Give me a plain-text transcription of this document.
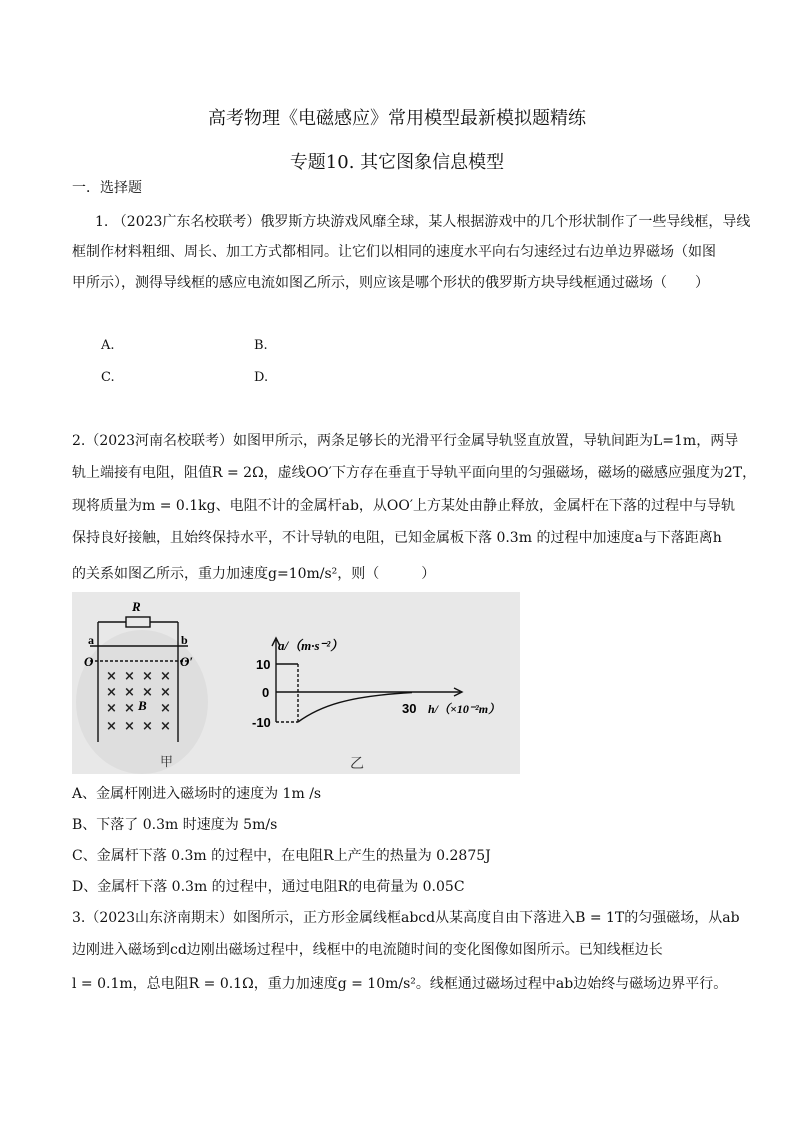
高考物理《电磁感应》常用模型最新模拟题精练
专题10. 其它图象信息模型
一．选择题
1. （2023广东名校联考）俄罗斯方块游戏风靡全球，某人根据游戏中的几个形状制作了一些导线框，导线
框制作材料粗细、周长、加工方式都相同。让它们以相同的速度水平向右匀速经过右边单边界磁场（如图
甲所示），测得导线框的感应电流如图乙所示，则应该是哪个形状的俄罗斯方块导线框通过磁场（　　）
A.	B.
C.	D.
2.（2023河南名校联考）如图甲所示，两条足够长的光滑平行金属导轨竖直放置，导轨间距为L=1m，两导
轨上端接有电阻，阻值R = 2Ω，虚线OO′下方存在垂直于导轨平面向里的匀强磁场，磁场的磁感应强度为2T，
现将质量为m = 0.1kg、电阻不计的金属杆ab，从OO′上方某处由静止释放，金属杆在下落的过程中与导轨
保持良好接触，且始终保持水平，不计导轨的电阻，已知金属板下落 0.3m 的过程中加速度a与下落距离h
的关系如图乙所示，重力加速度g=10m/s²，则（　　　）
R
a	b
O	O′
× × × ×
× × × ×
× × ×
× × × ×
B
甲
a/（m·s⁻²）
10
0
-10
30 h/（×10⁻²m）
乙
A、金属杆刚进入磁场时的速度为 1m /s
B、下落了 0.3m 时速度为 5m/s
C、金属杆下落 0.3m 的过程中，在电阻R上产生的热量为 0.2875J
D、金属杆下落 0.3m 的过程中，通过电阻R的电荷量为 0.05C
3.（2023山东济南期末）如图所示，正方形金属线框abcd从某高度自由下落进入B = 1T的匀强磁场，从ab
边刚进入磁场到cd边刚出磁场过程中，线框中的电流随时间的变化图像如图所示。已知线框边长
l = 0.1m，总电阻R = 0.1Ω，重力加速度g = 10m/s²。线框通过磁场过程中ab边始终与磁场边界平行。
